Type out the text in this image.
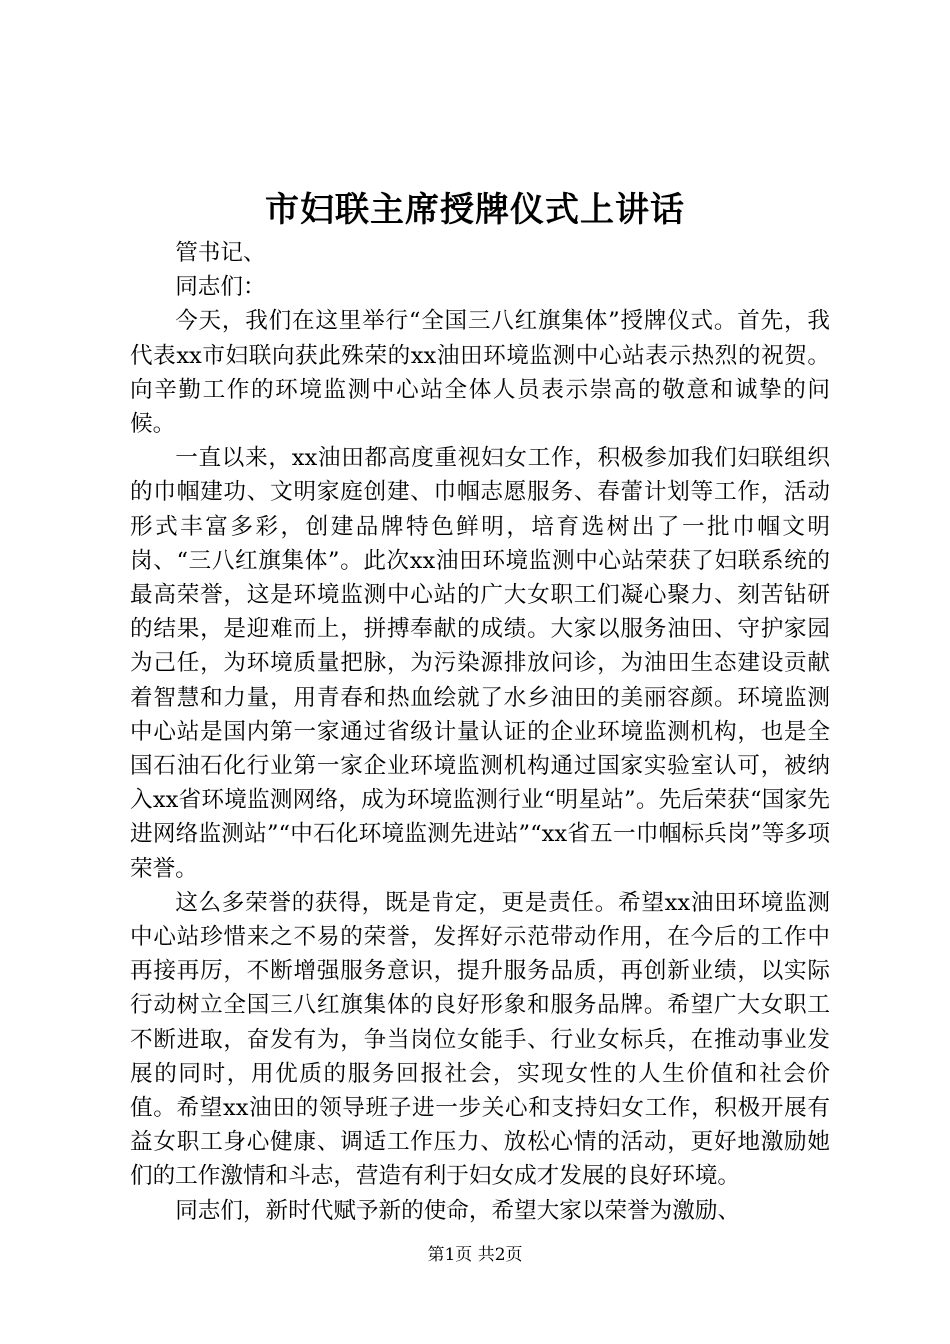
市妇联主席授牌仪式上讲话

管书记、

同志们：

今天，我们在这里举行“全国三八红旗集体”授牌仪式。首先，我代表xx市妇联向获此殊荣的xx油田环境监测中心站表示热烈的祝贺。向辛勤工作的环境监测中心站全体人员表示崇高的敬意和诚挚的问候。

一直以来，xx油田都高度重视妇女工作，积极参加我们妇联组织的巾帼建功、文明家庭创建、巾帼志愿服务、春蕾计划等工作，活动形式丰富多彩，创建品牌特色鲜明，培育选树出了一批巾帼文明岗、“三八红旗集体”。此次xx油田环境监测中心站荣获了妇联系统的最高荣誉，这是环境监测中心站的广大女职工们凝心聚力、刻苦钻研的结果，是迎难而上，拼搏奉献的成绩。大家以服务油田、守护家园为己任，为环境质量把脉，为污染源排放问诊，为油田生态建设贡献着智慧和力量，用青春和热血绘就了水乡油田的美丽容颜。环境监测中心站是国内第一家通过省级计量认证的企业环境监测机构，也是全国石油石化行业第一家企业环境监测机构通过国家实验室认可，被纳入xx省环境监测网络，成为环境监测行业“明星站”。先后荣获“国家先进网络监测站”“中石化环境监测先进站”“xx省五一巾帼标兵岗”等多项荣誉。

这么多荣誉的获得，既是肯定，更是责任。希望xx油田环境监测中心站珍惜来之不易的荣誉，发挥好示范带动作用，在今后的工作中再接再厉，不断增强服务意识，提升服务品质，再创新业绩，以实际行动树立全国三八红旗集体的良好形象和服务品牌。希望广大女职工不断进取，奋发有为，争当岗位女能手、行业女标兵，在推动事业发展的同时，用优质的服务回报社会，实现女性的人生价值和社会价值。希望xx油田的领导班子进一步关心和支持妇女工作，积极开展有益女职工身心健康、调适工作压力、放松心情的活动，更好地激励她们的工作激情和斗志，营造有利于妇女成才发展的良好环境。

同志们，新时代赋予新的使命，希望大家以荣誉为激励、

第1页 共2页
